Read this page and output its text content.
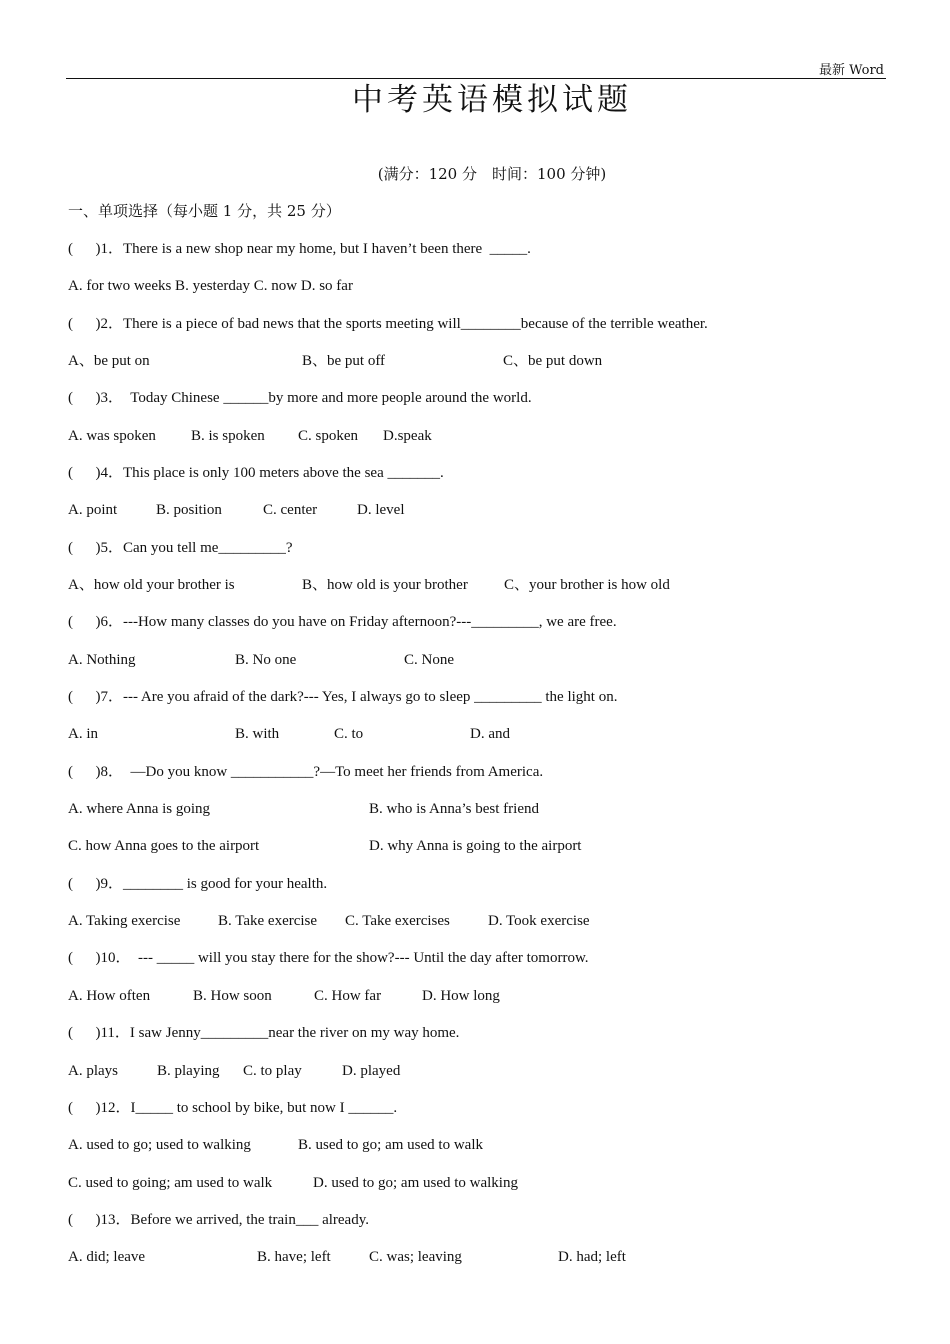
最新 Word
中考英语模拟试题
(满分：120 分　时间：100 分钟)
一、单项选择（每小题 1 分，共 25 分）
(      )1．There is a new shop near my home, but I haven’t been there  _____.
A. for two weeks B. yesterday C. now D. so far
(      )2．There is a piece of bad news that the sports meeting will________because of the terrible weather.
A、be put on	B、be put off	C、be put down
(      )3．  Today Chinese ______by more and more people around the world.
A. was spoken B. is spoken C. spoken D.speak
(      )4．This place is only 100 meters above the sea _______.
A. point	B. position	C. center	D. level
(      )5．Can you tell me_________?
A、how old your brother is	B、how old is your brother C、your brother is how old
(      )6．---How many classes do you have on Friday afternoon?---_________, we are free.
A. Nothing	B. No one	C. None
(      )7．--- Are you afraid of the dark?--- Yes, I always go to sleep _________ the light on.
A. in	B. with	C. to	D. and
(      )8．  —Do you know ___________?—To meet her friends from America.
A. where Anna is going	B. who is Anna’s best friend
C. how Anna goes to the airport	D. why Anna is going to the airport
(      )9．________ is good for your health.
A. Taking exercise	B. Take exercise C. Take exercises	D. Took exercise
(      )10．  --- _____ will you stay there for the show?--- Until the day after tomorrow.
A. How often	B. How soon	C. How far	D. How long
(      )11．I saw Jenny_________near the river on my way home.
A. plays	B. playing C. to play	D. played
(      )12．I_____ to school by bike, but now I ______.
A. used to go; used to walking	B. used to go; am used to walk
C. used to going; am used to walk	D. used to go; am used to walking
(      )13．Before we arrived, the train___ already.
A. did; leave	B. have; left	C. was; leaving	D. had; left
